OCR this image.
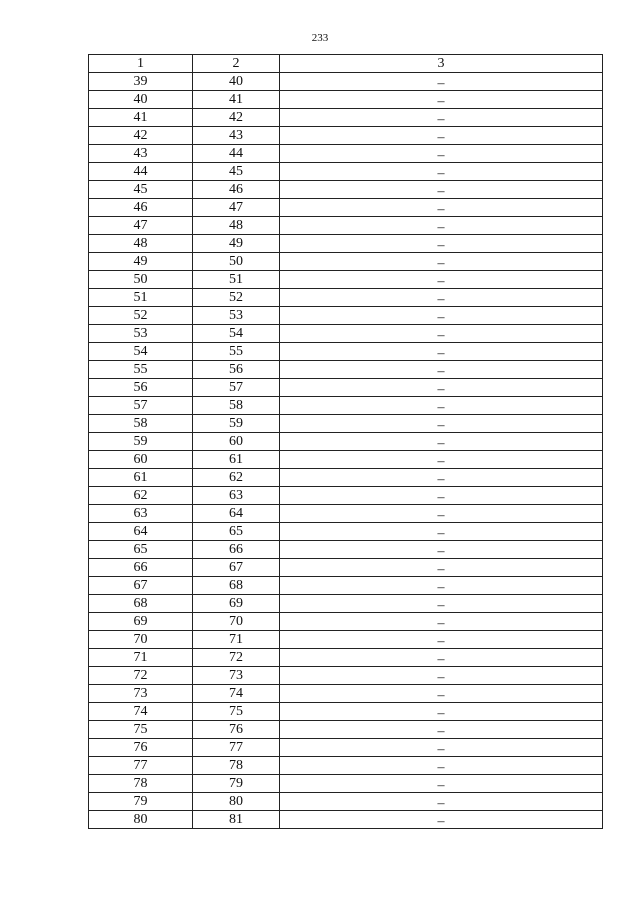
233
1	2	3
39	40	–
40	41	–
41	42	–
42	43	–
43	44	–
44	45	–
45	46	–
46	47	–
47	48	–
48	49	–
49	50	–
50	51	–
51	52	–
52	53	–
53	54	–
54	55	–
55	56	–
56	57	–
57	58	–
58	59	–
59	60	–
60	61	–
61	62	–
62	63	–
63	64	–
64	65	–
65	66	–
66	67	–
67	68	–
68	69	–
69	70	–
70	71	–
71	72	–
72	73	–
73	74	–
74	75	–
75	76	–
76	77	–
77	78	–
78	79	–
79	80	–
80	81	–
